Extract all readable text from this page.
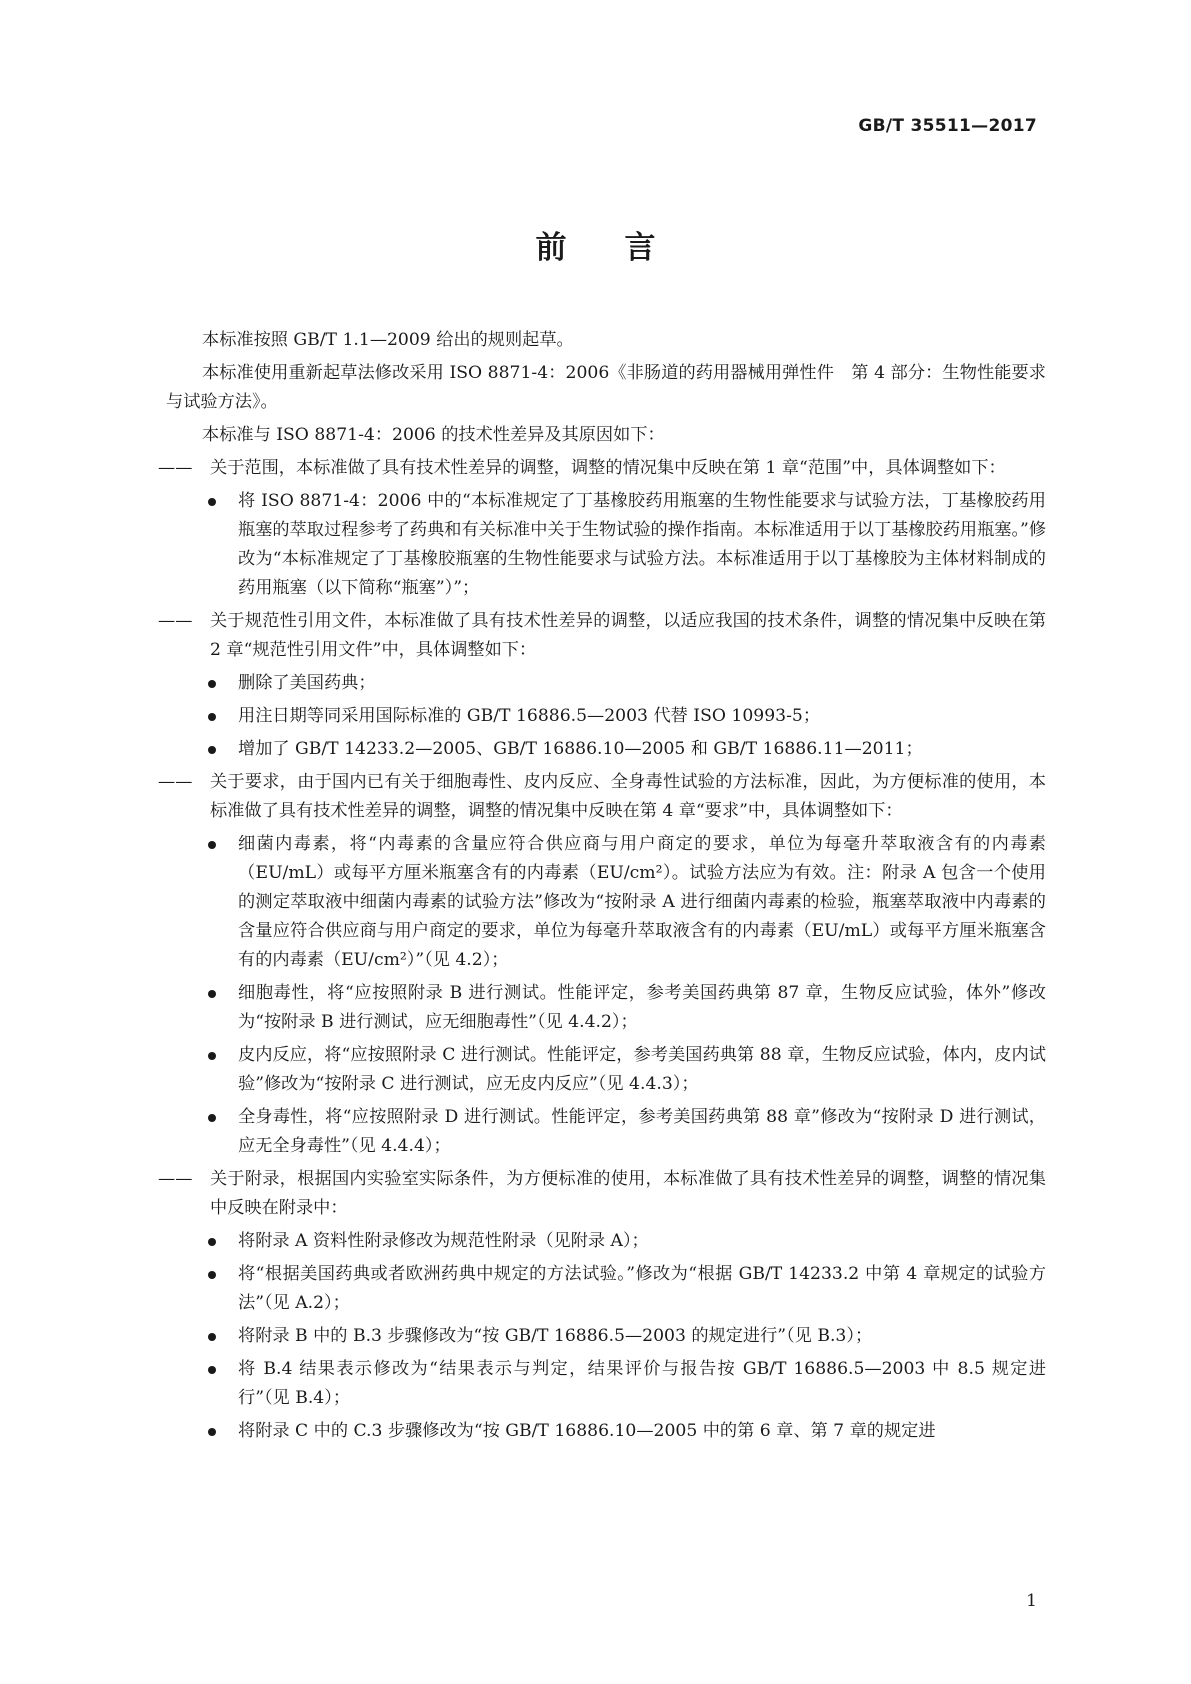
GB/T 35511—2017
前言

本标准按照 GB/T 1.1—2009 给出的规则起草。

本标准使用重新起草法修改采用 ISO 8871-4：2006《非肠道的药用器械用弹性件　第 4 部分：生物性能要求与试验方法》。

本标准与 ISO 8871-4：2006 的技术性差异及其原因如下：

——	关于范围，本标准做了具有技术性差异的调整，调整的情况集中反映在第 1 章“范围”中，具体调整如下：
将 ISO 8871-4：2006 中的“本标准规定了丁基橡胶药用瓶塞的生物性能要求与试验方法，丁基橡胶药用瓶塞的萃取过程参考了药典和有关标准中关于生物试验的操作指南。本标准适用于以丁基橡胶药用瓶塞。”修改为“本标准规定了丁基橡胶瓶塞的生物性能要求与试验方法。本标准适用于以丁基橡胶为主体材料制成的药用瓶塞（以下简称“瓶塞”）”；
——	关于规范性引用文件，本标准做了具有技术性差异的调整，以适应我国的技术条件，调整的情况集中反映在第 2 章“规范性引用文件”中，具体调整如下：
删除了美国药典；
用注日期等同采用国际标准的 GB/T 16886.5—2003 代替 ISO 10993-5；
增加了 GB/T 14233.2—2005、GB/T 16886.10—2005 和 GB/T 16886.11—2011；
——	关于要求，由于国内已有关于细胞毒性、皮内反应、全身毒性试验的方法标准，因此，为方便标准的使用，本标准做了具有技术性差异的调整，调整的情况集中反映在第 4 章“要求”中，具体调整如下：
细菌内毒素，将“内毒素的含量应符合供应商与用户商定的要求，单位为每毫升萃取液含有的内毒素（EU/mL）或每平方厘米瓶塞含有的内毒素（EU/cm²）。试验方法应为有效。注：附录 A 包含一个使用的测定萃取液中细菌内毒素的试验方法”修改为“按附录 A 进行细菌内毒素的检验，瓶塞萃取液中内毒素的含量应符合供应商与用户商定的要求，单位为每毫升萃取液含有的内毒素（EU/mL）或每平方厘米瓶塞含有的内毒素（EU/cm²）”（见 4.2）；
细胞毒性，将“应按照附录 B 进行测试。性能评定，参考美国药典第 87 章，生物反应试验，体外”修改为“按附录 B 进行测试，应无细胞毒性”（见 4.4.2）；
皮内反应，将“应按照附录 C 进行测试。性能评定，参考美国药典第 88 章，生物反应试验，体内，皮内试验”修改为“按附录 C 进行测试，应无皮内反应”（见 4.4.3）；
全身毒性，将“应按照附录 D 进行测试。性能评定，参考美国药典第 88 章”修改为“按附录 D 进行测试，应无全身毒性”（见 4.4.4）；
——	关于附录，根据国内实验室实际条件，为方便标准的使用，本标准做了具有技术性差异的调整，调整的情况集中反映在附录中：
将附录 A 资料性附录修改为规范性附录（见附录 A）；
将“根据美国药典或者欧洲药典中规定的方法试验。”修改为“根据 GB/T 14233.2 中第 4 章规定的试验方法”（见 A.2）；
将附录 B 中的 B.3 步骤修改为“按 GB/T 16886.5—2003 的规定进行”（见 B.3）；
将 B.4 结果表示修改为“结果表示与判定，结果评价与报告按 GB/T 16886.5—2003 中 8.5 规定进行”（见 B.4）；
将附录 C 中的 C.3 步骤修改为“按 GB/T 16886.10—2005 中的第 6 章、第 7 章的规定进
1
